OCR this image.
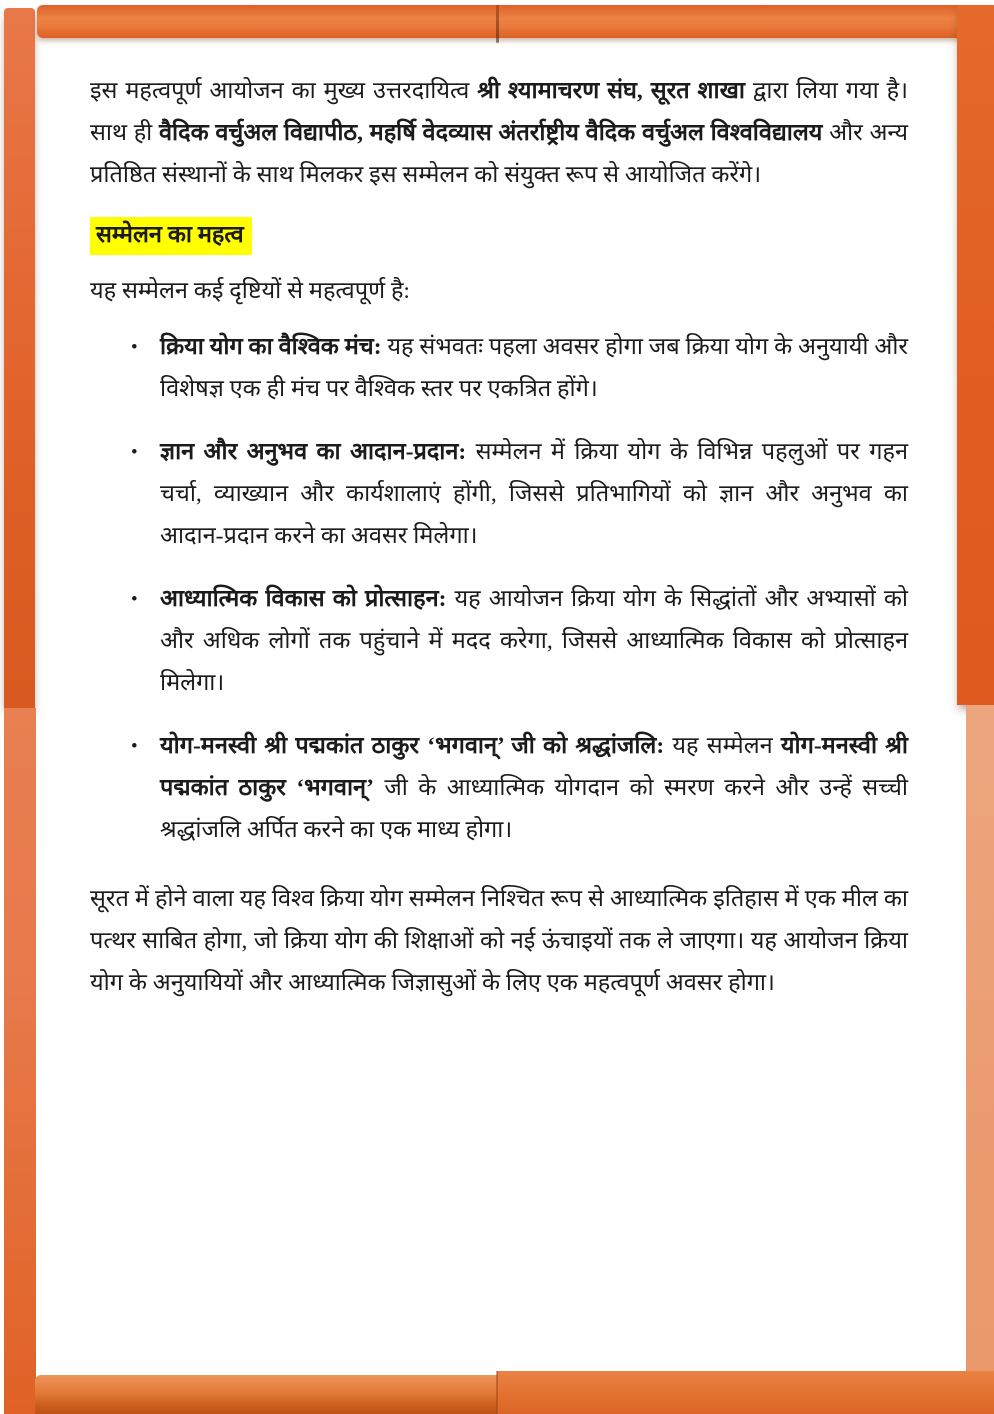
इस महत्वपूर्ण आयोजन का मुख्य उत्तरदायित्व श्री श्यामाचरण संघ, सूरत शाखा द्वारा लिया गया है। साथ ही वैदिक वर्चुअल विद्यापीठ, महर्षि वेदव्यास अंतर्राष्ट्रीय वैदिक वर्चुअल विश्वविद्यालय और अन्य प्रतिष्ठित संस्थानों के साथ मिलकर इस सम्मेलन को संयुक्त रूप से आयोजित करेंगे।

सम्मेलन का महत्व

यह सम्मेलन कई दृष्टियों से महत्वपूर्ण है:

• क्रिया योग का वैश्विक मंच: यह संभवतः पहला अवसर होगा जब क्रिया योग के अनुयायी और विशेषज्ञ एक ही मंच पर वैश्विक स्तर पर एकत्रित होंगे।
• ज्ञान और अनुभव का आदान-प्रदान: सम्मेलन में क्रिया योग के विभिन्न पहलुओं पर गहन चर्चा, व्याख्यान और कार्यशालाएं होंगी, जिससे प्रतिभागियों को ज्ञान और अनुभव का आदान-प्रदान करने का अवसर मिलेगा।
• आध्यात्मिक विकास को प्रोत्साहन: यह आयोजन क्रिया योग के सिद्धांतों और अभ्यासों को और अधिक लोगों तक पहुंचाने में मदद करेगा, जिससे आध्यात्मिक विकास को प्रोत्साहन मिलेगा।
• योग-मनस्वी श्री पद्मकांत ठाकुर ‘भगवान्’ जी को श्रद्धांजलि: यह सम्मेलन योग-मनस्वी श्री पद्मकांत ठाकुर ‘भगवान्’ जी के आध्यात्मिक योगदान को स्मरण करने और उन्हें सच्ची श्रद्धांजलि अर्पित करने का एक माध्य होगा।

सूरत में होने वाला यह विश्व क्रिया योग सम्मेलन निश्चित रूप से आध्यात्मिक इतिहास में एक मील का पत्थर साबित होगा, जो क्रिया योग की शिक्षाओं को नई ऊंचाइयों तक ले जाएगा। यह आयोजन क्रिया योग के अनुयायियों और आध्यात्मिक जिज्ञासुओं के लिए एक महत्वपूर्ण अवसर होगा।
